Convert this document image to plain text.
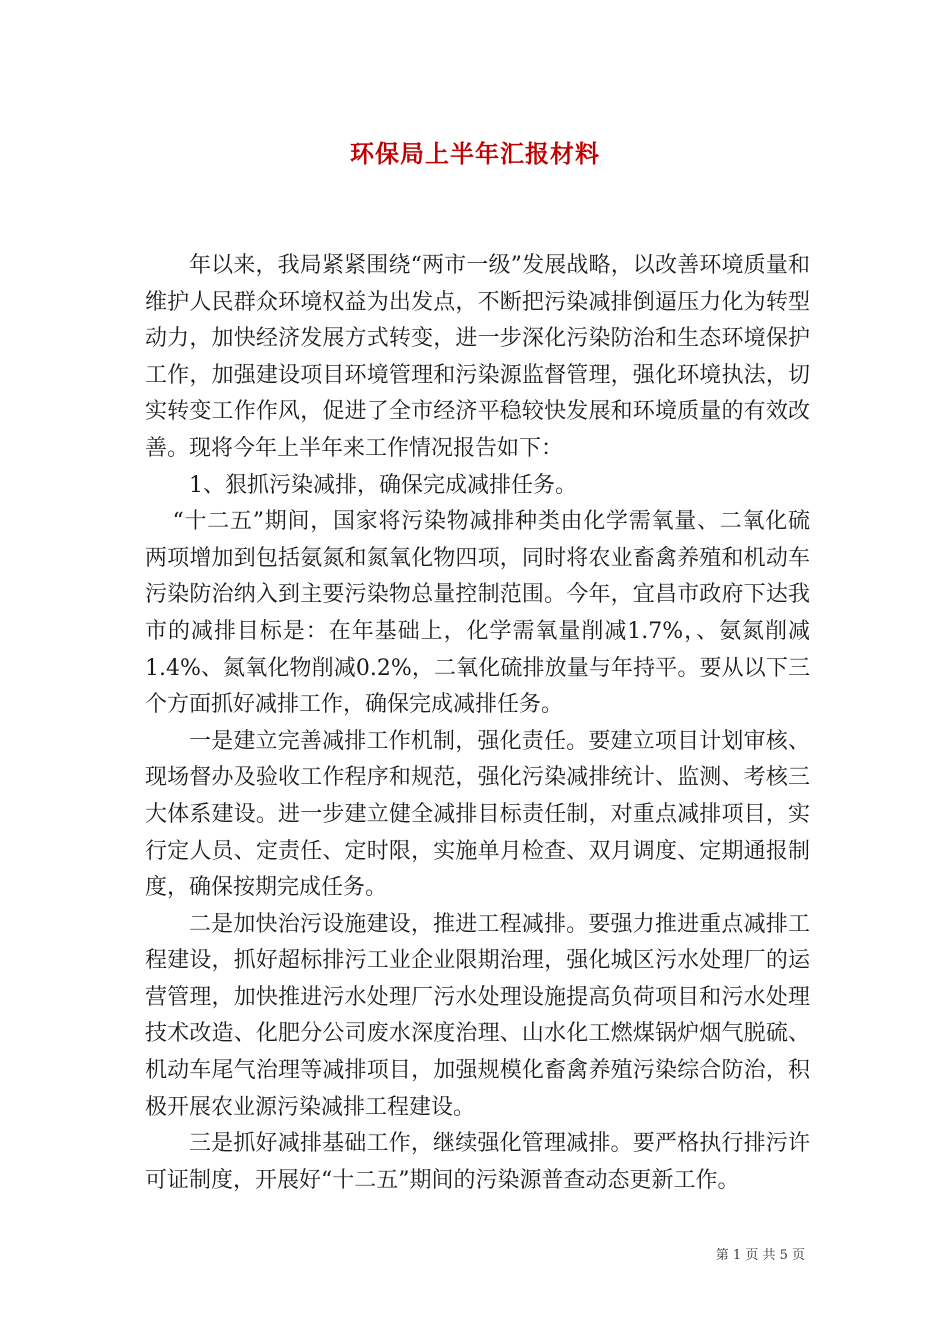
环保局上半年汇报材料

年以来，我局紧紧围绕“两市一级”发展战略，以改善环境质量和维护人民群众环境权益为出发点，不断把污染减排倒逼压力化为转型动力，加快经济发展方式转变，进一步深化污染防治和生态环境保护工作，加强建设项目环境管理和污染源监督管理，强化环境执法，切实转变工作作风，促进了全市经济平稳较快发展和环境质量的有效改善。现将今年上半年来工作情况报告如下：

1、狠抓污染减排，确保完成减排任务。

“十二五”期间，国家将污染物减排种类由化学需氧量、二氧化硫两项增加到包括氨氮和氮氧化物四项，同时将农业畜禽养殖和机动车污染防治纳入到主要污染物总量控制范围。今年，宜昌市政府下达我市的减排目标是：在年基础上，化学需氧量削减1.7%，、氨氮削减1.4%、氮氧化物削减0.2%，二氧化硫排放量与年持平。要从以下三个方面抓好减排工作，确保完成减排任务。

一是建立完善减排工作机制，强化责任。要建立项目计划审核、现场督办及验收工作程序和规范，强化污染减排统计、监测、考核三大体系建设。进一步建立健全减排目标责任制，对重点减排项目，实行定人员、定责任、定时限，实施单月检查、双月调度、定期通报制度，确保按期完成任务。

二是加快治污设施建设，推进工程减排。要强力推进重点减排工程建设，抓好超标排污工业企业限期治理，强化城区污水处理厂的运营管理，加快推进污水处理厂污水处理设施提高负荷项目和污水处理技术改造、化肥分公司废水深度治理、山水化工燃煤锅炉烟气脱硫、机动车尾气治理等减排项目，加强规模化畜禽养殖污染综合防治，积极开展农业源污染减排工程建设。

三是抓好减排基础工作，继续强化管理减排。要严格执行排污许可证制度，开展好“十二五”期间的污染源普查动态更新工作。

第 1 页 共 5 页
